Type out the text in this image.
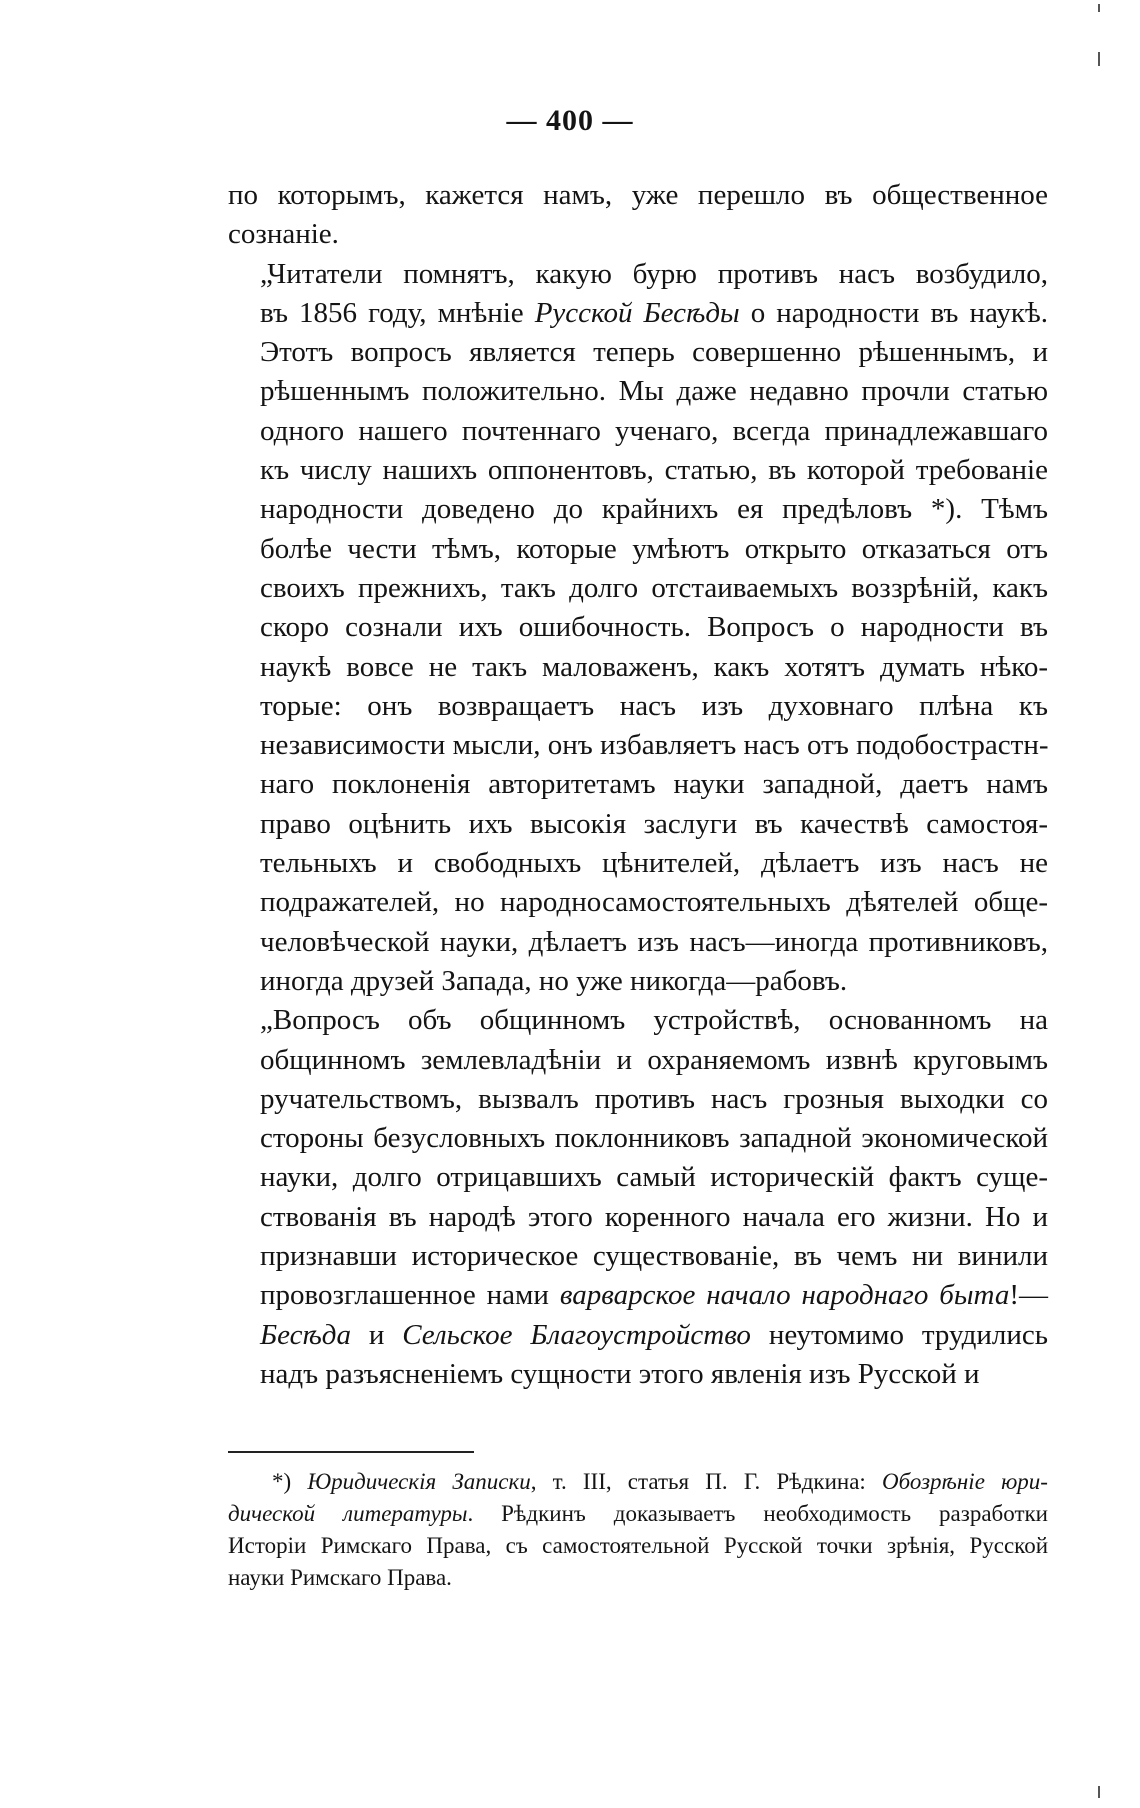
— 400 —
по которымъ, кажется намъ, уже перешло въ общественное
сознаніе.
„Читатели помнятъ, какую бурю противъ насъ возбудило,
въ 1856 году, мнѣніе Русской Бесѣды о народности въ наукѣ.
Этотъ вопросъ является теперь совершенно рѣшеннымъ, и
рѣшеннымъ положительно. Мы даже недавно прочли статью
одного нашего почтеннаго ученаго, всегда принадлежавшаго
къ числу нашихъ оппонентовъ, статью, въ которой требованіе
народности доведено до крайнихъ ея предѣловъ *). Тѣмъ
болѣе чести тѣмъ, которые умѣютъ открыто отказаться отъ
своихъ прежнихъ, такъ долго отстаиваемыхъ воззрѣній, какъ
скоро сознали ихъ ошибочность. Вопросъ о народности въ
наукѣ вовсе не такъ маловаженъ, какъ хотятъ думать нѣко-
торые: онъ возвращаетъ насъ изъ духовнаго плѣна къ
независимости мысли, онъ избавляетъ насъ отъ подобострастн-
наго поклоненія авторитетамъ науки западной, даетъ намъ
право оцѣнить ихъ высокія заслуги въ качествѣ самостоя-
тельныхъ и свободныхъ цѣнителей, дѣлаетъ изъ насъ не
подражателей, но народносамостоятельныхъ дѣятелей обще-
человѣческой науки, дѣлаетъ изъ насъ—иногда противниковъ,
иногда друзей Запада, но уже никогда—рабовъ.
„Вопросъ объ общинномъ устройствѣ, основанномъ на
общинномъ землевладѣніи и охраняемомъ извнѣ круговымъ
ручательствомъ, вызвалъ противъ насъ грозныя выходки со
стороны безусловныхъ поклонниковъ западной экономической
науки, долго отрицавшихъ самый историческій фактъ суще-
ствованія въ народѣ этого коренного начала его жизни. Но и
признавши историческое существованіе, въ чемъ ни винили
провозглашенное нами варварское начало народнаго быта!—
Бесѣда и Сельское Благоустройство неутомимо трудились
надъ разъясненіемъ сущности этого явленія изъ Русской и
*) Юридическія Записки, т. III, статья П. Г. Рѣдкина: Обозрѣніе юри-
дической литературы. Рѣдкинъ доказываетъ необходимость разработки
Исторіи Римскаго Права, съ самостоятельной Русской точки зрѣнія, Русской
науки Римскаго Права.
